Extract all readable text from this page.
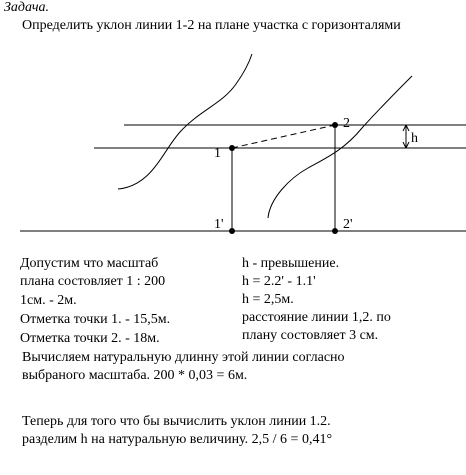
Задача.
Определить уклон линии 1-2 на плане участка с горизонталями
1
2
1'	2'
h
Допустим что масштаб
плана состовляет 1 : 200
1см. - 2м.
Отметка точки 1. - 15,5м.
Отметка точки 2. - 18м.
h - превышение.
h = 2.2' - 1.1'
h = 2,5м.
расстояние линии 1,2. по
плану состовляет 3 см.
Вычисляем натуральную длинну этой линии согласно
выбраного масштаба. 200 * 0,03 = 6м.
Теперь для того что бы вычислить уклон линии 1.2.
разделим h на натуральную величину. 2,5 / 6 = 0,41°
